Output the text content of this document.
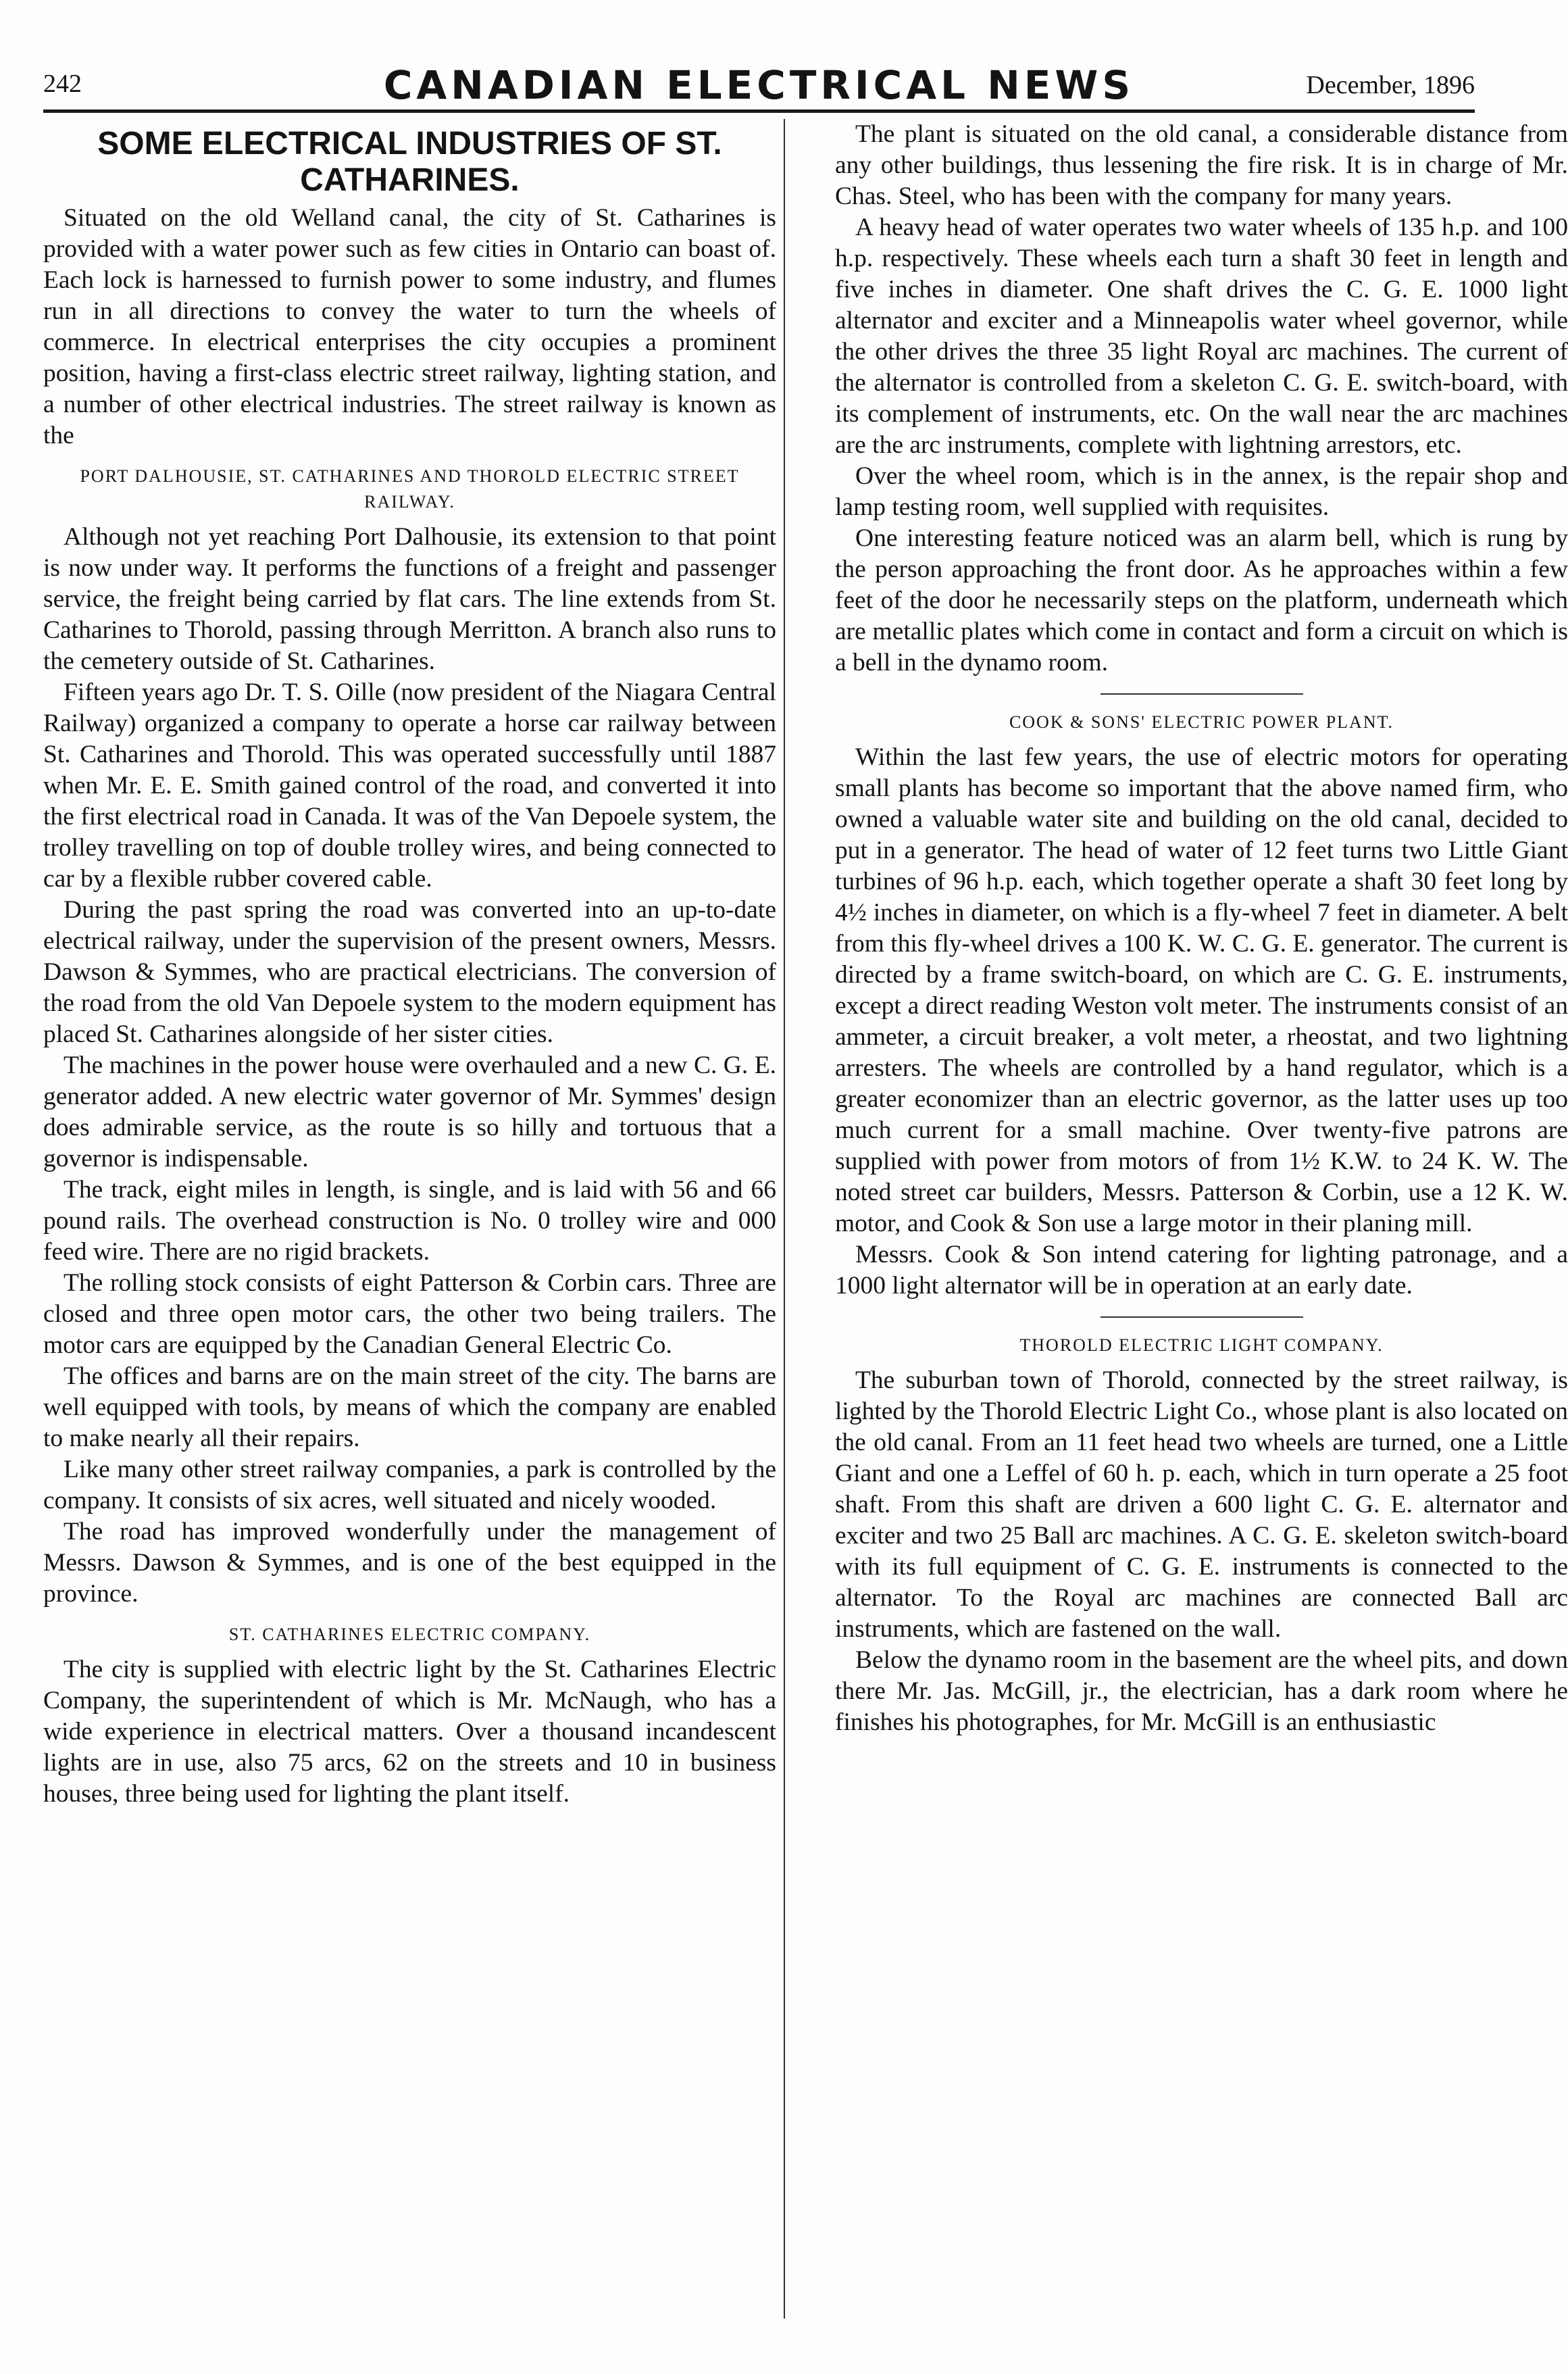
242	CANADIAN ELECTRICAL NEWS	December, 1896
SOME ELECTRICAL INDUSTRIES OF ST. CATHARINES.

Situated on the old Welland canal, the city of St. Catharines is provided with a water power such as few cities in Ontario can boast of. Each lock is harnessed to furnish power to some industry, and flumes run in all directions to convey the water to turn the wheels of commerce. In electrical enterprises the city occupies a prominent position, having a first-class electric street railway, lighting station, and a number of other electrical industries. The street railway is known as the

PORT DALHOUSIE, ST. CATHARINES AND THOROLD ELECTRIC STREET RAILWAY.

Although not yet reaching Port Dalhousie, its extension to that point is now under way. It performs the functions of a freight and passenger service, the freight being carried by flat cars. The line extends from St. Catharines to Thorold, passing through Merritton. A branch also runs to the cemetery outside of St. Catharines.

Fifteen years ago Dr. T. S. Oille (now president of the Niagara Central Railway) organized a company to operate a horse car railway between St. Catharines and Thorold. This was operated successfully until 1887 when Mr. E. E. Smith gained control of the road, and converted it into the first electrical road in Canada. It was of the Van Depoele system, the trolley travelling on top of double trolley wires, and being connected to car by a flexible rubber covered cable.

During the past spring the road was converted into an up-to-date electrical railway, under the supervision of the present owners, Messrs. Dawson & Symmes, who are practical electricians. The conversion of the road from the old Van Depoele system to the modern equipment has placed St. Catharines alongside of her sister cities.

The machines in the power house were overhauled and a new C. G. E. generator added. A new electric water governor of Mr. Symmes' design does admirable service, as the route is so hilly and tortuous that a governor is indispensable.

The track, eight miles in length, is single, and is laid with 56 and 66 pound rails. The overhead construction is No. 0 trolley wire and 000 feed wire. There are no rigid brackets.

The rolling stock consists of eight Patterson & Corbin cars. Three are closed and three open motor cars, the other two being trailers. The motor cars are equipped by the Canadian General Electric Co.

The offices and barns are on the main street of the city. The barns are well equipped with tools, by means of which the company are enabled to make nearly all their repairs.

Like many other street railway companies, a park is controlled by the company. It consists of six acres, well situated and nicely wooded.

The road has improved wonderfully under the management of Messrs. Dawson & Symmes, and is one of the best equipped in the province.

ST. CATHARINES ELECTRIC COMPANY.

The city is supplied with electric light by the St. Catharines Electric Company, the superintendent of which is Mr. McNaugh, who has a wide experience in electrical matters. Over a thousand incandescent lights are in use, also 75 arcs, 62 on the streets and 10 in business houses, three being used for lighting the plant itself.

The plant is situated on the old canal, a considerable distance from any other buildings, thus lessening the fire risk. It is in charge of Mr. Chas. Steel, who has been with the company for many years.

A heavy head of water operates two water wheels of 135 h.p. and 100 h.p. respectively. These wheels each turn a shaft 30 feet in length and five inches in diameter. One shaft drives the C. G. E. 1000 light alternator and exciter and a Minneapolis water wheel governor, while the other drives the three 35 light Royal arc machines. The current of the alternator is controlled from a skeleton C. G. E. switch-board, with its complement of instruments, etc. On the wall near the arc machines are the arc instruments, complete with lightning arrestors, etc.

Over the wheel room, which is in the annex, is the repair shop and lamp testing room, well supplied with requisites.

One interesting feature noticed was an alarm bell, which is rung by the person approaching the front door. As he approaches within a few feet of the door he necessarily steps on the platform, underneath which are metallic plates which come in contact and form a circuit on which is a bell in the dynamo room.

COOK & SONS' ELECTRIC POWER PLANT.

Within the last few years, the use of electric motors for operating small plants has become so important that the above named firm, who owned a valuable water site and building on the old canal, decided to put in a generator. The head of water of 12 feet turns two Little Giant turbines of 96 h.p. each, which together operate a shaft 30 feet long by 4½ inches in diameter, on which is a fly-wheel 7 feet in diameter. A belt from this fly-wheel drives a 100 K. W. C. G. E. generator. The current is directed by a frame switch-board, on which are C. G. E. instruments, except a direct reading Weston volt meter. The instruments consist of an ammeter, a circuit breaker, a volt meter, a rheostat, and two lightning arresters. The wheels are controlled by a hand regulator, which is a greater economizer than an electric governor, as the latter uses up too much current for a small machine. Over twenty-five patrons are supplied with power from motors of from 1½ K.W. to 24 K. W. The noted street car builders, Messrs. Patterson & Corbin, use a 12 K. W. motor, and Cook & Son use a large motor in their planing mill.

Messrs. Cook & Son intend catering for lighting patronage, and a 1000 light alternator will be in operation at an early date.

THOROLD ELECTRIC LIGHT COMPANY.

The suburban town of Thorold, connected by the street railway, is lighted by the Thorold Electric Light Co., whose plant is also located on the old canal. From an 11 feet head two wheels are turned, one a Little Giant and one a Leffel of 60 h. p. each, which in turn operate a 25 foot shaft. From this shaft are driven a 600 light C. G. E. alternator and exciter and two 25 Ball arc machines. A C. G. E. skeleton switch-board with its full equipment of C. G. E. instruments is connected to the alternator. To the Royal arc machines are connected Ball arc instruments, which are fastened on the wall.

Below the dynamo room in the basement are the wheel pits, and down there Mr. Jas. McGill, jr., the electrician, has a dark room where he finishes his photographes, for Mr. McGill is an enthusiastic
